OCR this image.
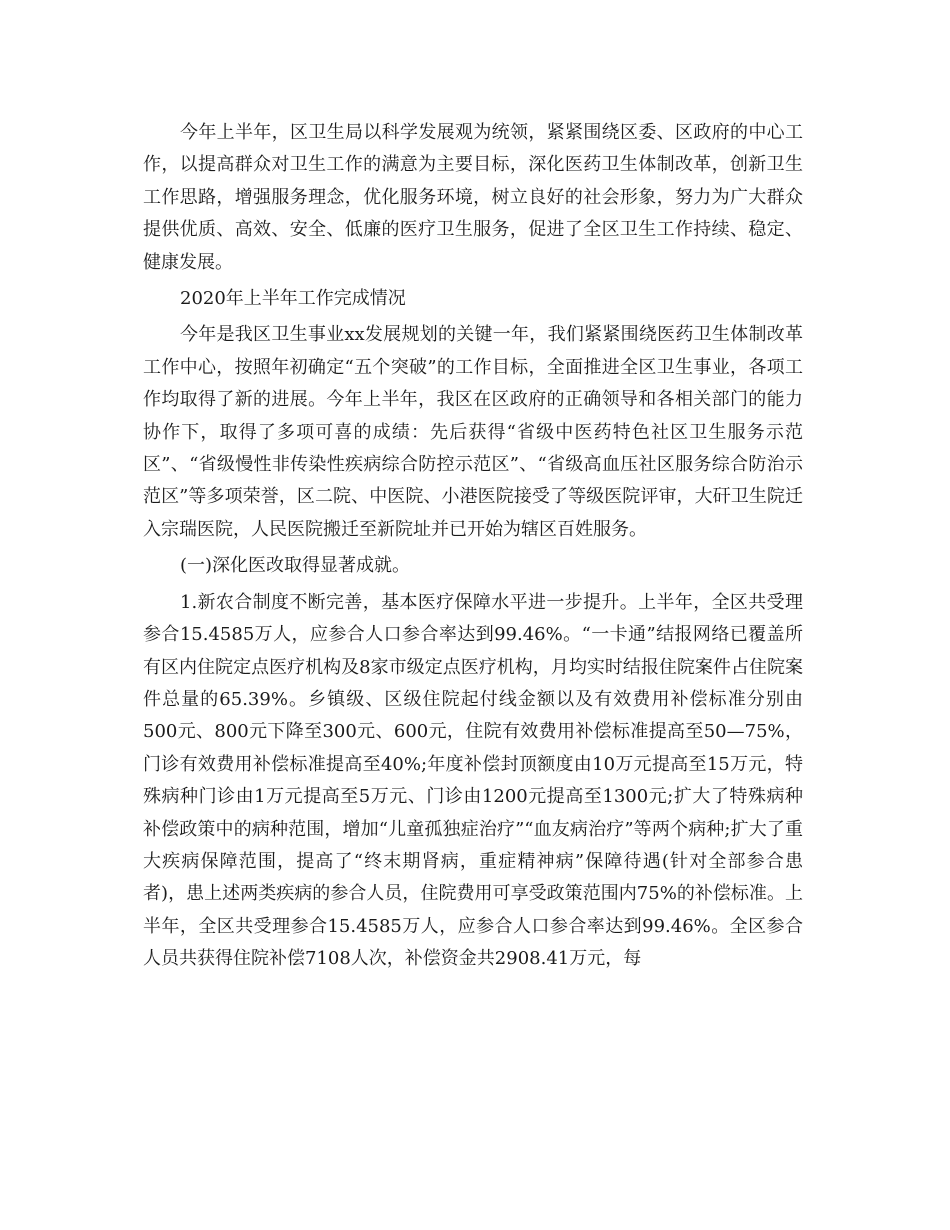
今年上半年，区卫生局以科学发展观为统领，紧紧围绕区委、区政府的中心工作，以提高群众对卫生工作的满意为主要目标，深化医药卫生体制改革，创新卫生工作思路，增强服务理念，优化服务环境，树立良好的社会形象，努力为广大群众提供优质、高效、安全、低廉的医疗卫生服务，促进了全区卫生工作持续、稳定、健康发展。

2020年上半年工作完成情况

今年是我区卫生事业xx发展规划的关键一年，我们紧紧围绕医药卫生体制改革工作中心，按照年初确定“五个突破”的工作目标，全面推进全区卫生事业，各项工作均取得了新的进展。今年上半年，我区在区政府的正确领导和各相关部门的能力协作下，取得了多项可喜的成绩：先后获得“省级中医药特色社区卫生服务示范区”、“省级慢性非传染性疾病综合防控示范区”、“省级高血压社区服务综合防治示范区”等多项荣誉，区二院、中医院、小港医院接受了等级医院评审，大矸卫生院迁入宗瑞医院，人民医院搬迁至新院址并已开始为辖区百姓服务。

(一)深化医改取得显著成就。

1.新农合制度不断完善，基本医疗保障水平进一步提升。上半年，全区共受理参合15.4585万人，应参合人口参合率达到99.46%。“一卡通”结报网络已覆盖所有区内住院定点医疗机构及8家市级定点医疗机构，月均实时结报住院案件占住院案件总量的65.39%。乡镇级、区级住院起付线金额以及有效费用补偿标准分别由500元、800元下降至300元、600元，住院有效费用补偿标准提高至50—75%，门诊有效费用补偿标准提高至40%;年度补偿封顶额度由10万元提高至15万元，特殊病种门诊由1万元提高至5万元、门诊由1200元提高至1300元;扩大了特殊病种补偿政策中的病种范围，增加“儿童孤独症治疗”“血友病治疗”等两个病种;扩大了重大疾病保障范围，提高了“终末期肾病，重症精神病”保障待遇(针对全部参合患者)，患上述两类疾病的参合人员，住院费用可享受政策范围内75%的补偿标准。上半年，全区共受理参合15.4585万人，应参合人口参合率达到99.46%。全区参合人员共获得住院补偿7108人次，补偿资金共2908.41万元，每
